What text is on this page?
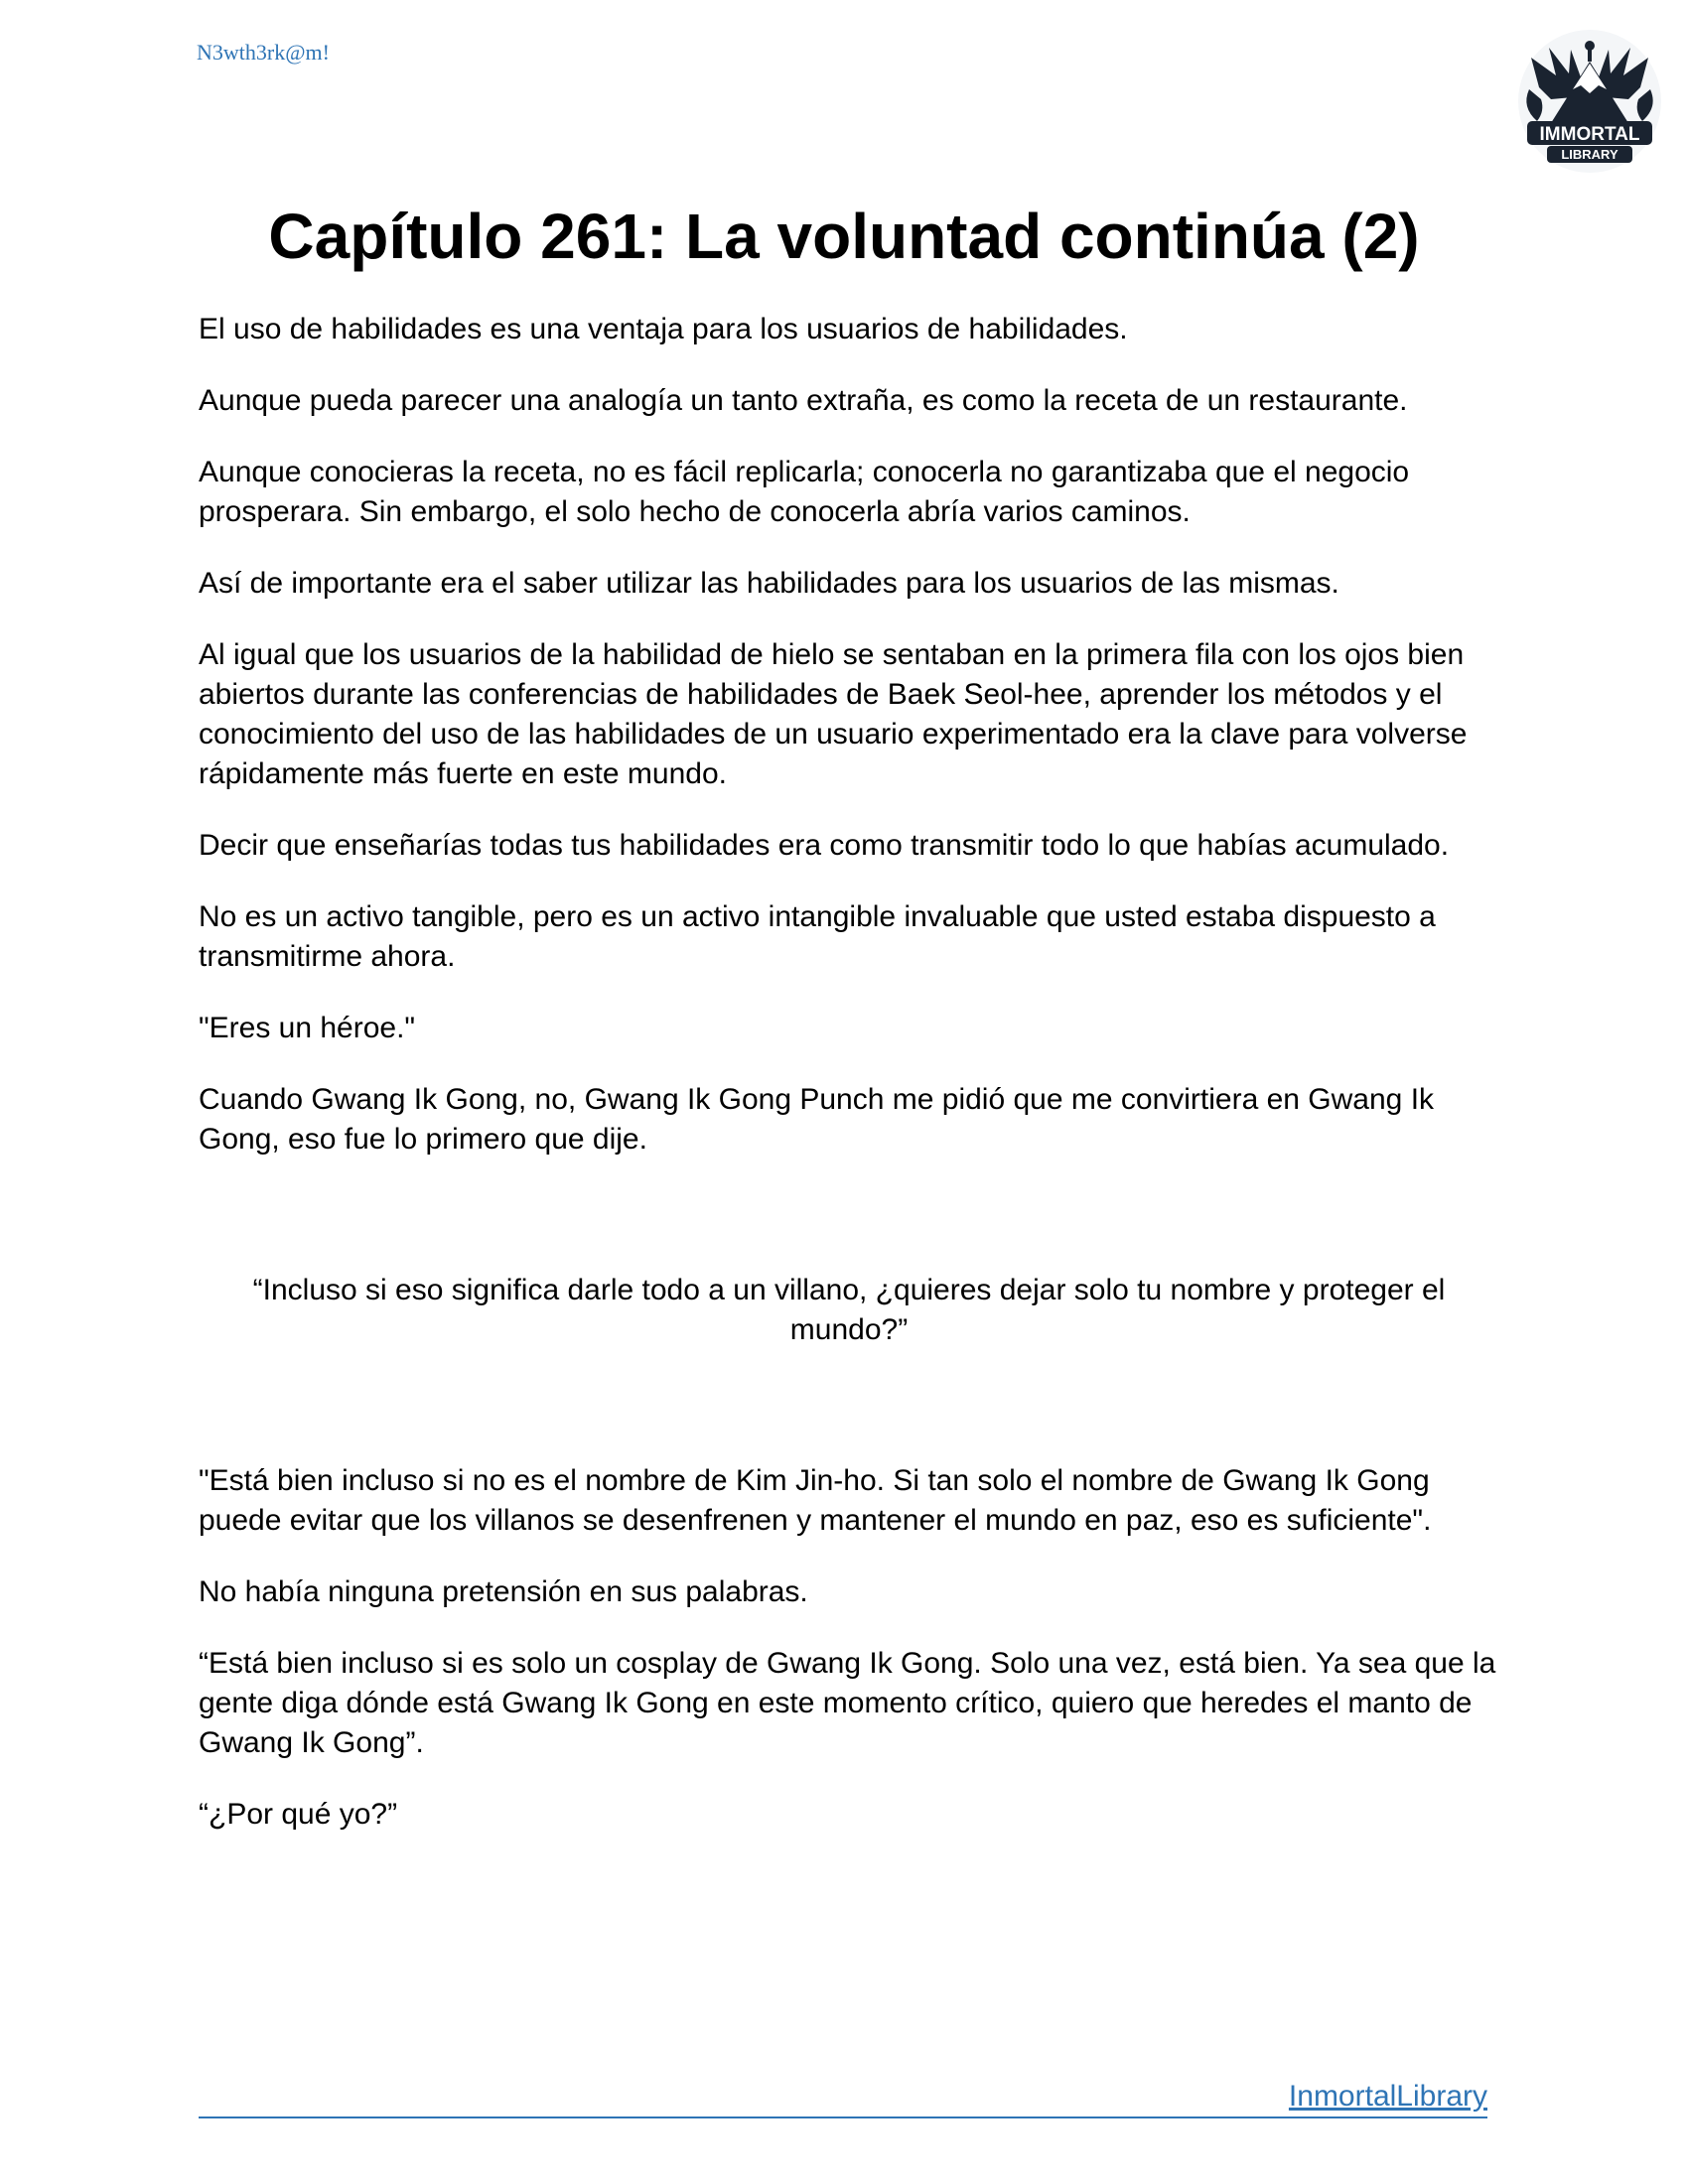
N3wth3rk@m!
IMMORTAL
LIBRARY
Capítulo 261: La voluntad continúa (2)

El uso de habilidades es una ventaja para los usuarios de habilidades.

Aunque pueda parecer una analogía un tanto extraña, es como la receta de un restaurante.

Aunque conocieras la receta, no es fácil replicarla; conocerla no garantizaba que el negocio prosperara. Sin embargo, el solo hecho de conocerla abría varios caminos.

Así de importante era el saber utilizar las habilidades para los usuarios de las mismas.

Al igual que los usuarios de la habilidad de hielo se sentaban en la primera fila con los ojos bien abiertos durante las conferencias de habilidades de Baek Seol-hee, aprender los métodos y el conocimiento del uso de las habilidades de un usuario experimentado era la clave para volverse rápidamente más fuerte en este mundo.

Decir que enseñarías todas tus habilidades era como transmitir todo lo que habías acumulado.

No es un activo tangible, pero es un activo intangible invaluable que usted estaba dispuesto a transmitirme ahora.

"Eres un héroe."

Cuando Gwang Ik Gong, no, Gwang Ik Gong Punch me pidió que me convirtiera en Gwang Ik Gong, eso fue lo primero que dije.

“Incluso si eso significa darle todo a un villano, ¿quieres dejar solo tu nombre y proteger el mundo?”

"Está bien incluso si no es el nombre de Kim Jin-ho. Si tan solo el nombre de Gwang Ik Gong puede evitar que los villanos se desenfrenen y mantener el mundo en paz, eso es suficiente".

No había ninguna pretensión en sus palabras.

“Está bien incluso si es solo un cosplay de Gwang Ik Gong. Solo una vez, está bien. Ya sea que la gente diga dónde está Gwang Ik Gong en este momento crítico, quiero que heredes el manto de Gwang Ik Gong”.

“¿Por qué yo?”

InmortalLibrary
